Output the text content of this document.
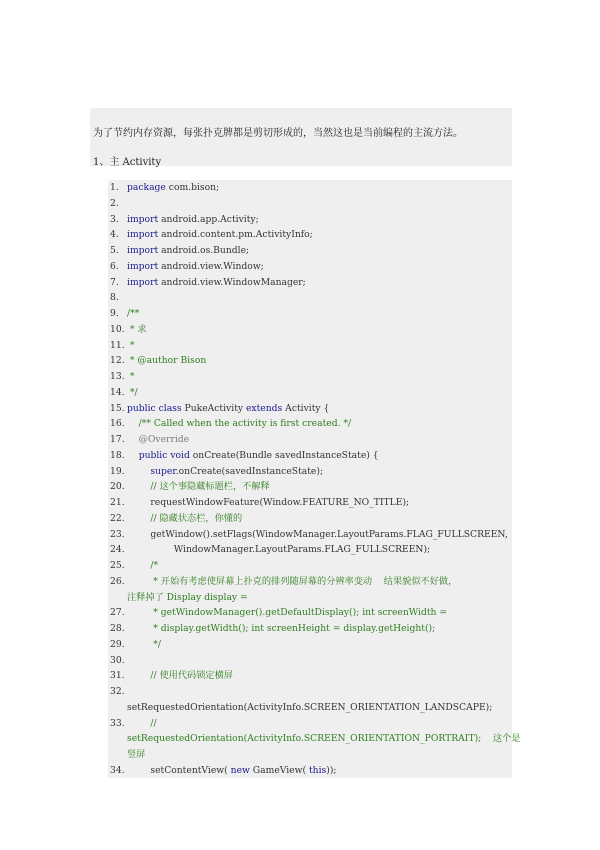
为了节约内存资源，每张扑克牌都是剪切形成的，当然这也是当前编程的主流方法。
1、主 Activity
1. package com.bison;
2.
3. import android.app.Activity;
4. import android.content.pm.ActivityInfo;
5. import android.os.Bundle;
6. import android.view.Window;
7. import android.view.WindowManager;
8.
9. /**
10. * 求
11. *
12. * @author Bison
13. *
14. */
15. public class PukeActivity extends Activity {
16.    /** Called when the activity is first created. */
17.    @Override
18. public void onCreate(Bundle savedInstanceState) {
19.	super.onCreate(savedInstanceState);
20.        // 这个事隐藏标题栏，不解释
21.        requestWindowFeature(Window.FEATURE_NO_TITLE);
22.        // 隐藏状态栏，你懂的
23.        getWindow().setFlags(WindowManager.LayoutParams.FLAG_FULLSCREEN,
24.                WindowManager.LayoutParams.FLAG_FULLSCREEN);
25.        /*
26.         * 开始有考虑使屏幕上扑克的排列随屏幕的分辨率变动    结果貌似不好做，
注释掉了 Display display =
27.         * getWindowManager().getDefaultDisplay(); int screenWidth =
28.         * display.getWidth(); int screenHeight = display.getHeight();
29.         */
30.
31.        // 使用代码锁定横屏
32.
setRequestedOrientation(ActivityInfo.SCREEN_ORIENTATION_LANDSCAPE);
33.        //
setRequestedOrientation(ActivityInfo.SCREEN_ORIENTATION_PORTRAIT);    这个是
竖屏
34.        setContentView( new GameView( this));
